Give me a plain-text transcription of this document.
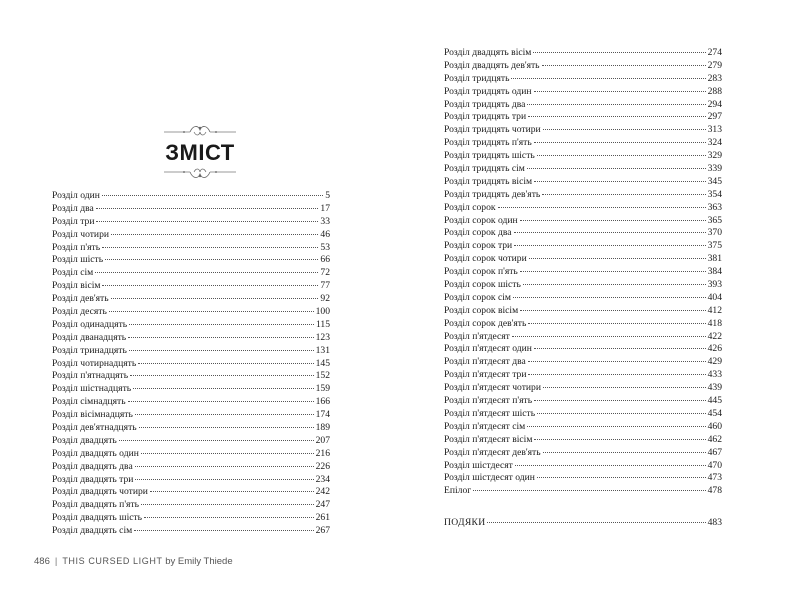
ЗМІСТ
Розділ один	5
Розділ два	17
Розділ три	33
Розділ чотири	46
Розділ п'ять	53
Розділ шість	66
Розділ сім	72
Розділ вісім	77
Розділ дев'ять	92
Розділ десять	100
Розділ одинадцять	115
Розділ дванадцять	123
Розділ тринадцять	131
Розділ чотирнадцять	145
Розділ п'ятнадцять	152
Розділ шістнадцять	159
Розділ сімнадцять	166
Розділ вісімнадцять	174
Розділ дев'ятнадцять	189
Розділ двадцять	207
Розділ двадцять один	216
Розділ двадцять два	226
Розділ двадцять три	234
Розділ двадцять чотири	242
Розділ двадцять п'ять	247
Розділ двадцять шість	261
Розділ двадцять сім	267
486 | THIS CURSED LIGHT by Emily Thiede
Розділ двадцять вісім	274
Розділ двадцять дев'ять	279
Розділ тридцять	283
Розділ тридцять один	288
Розділ тридцять два	294
Розділ тридцять три	297
Розділ тридцять чотири	313
Розділ тридцять п'ять	324
Розділ тридцять шість	329
Розділ тридцять сім	339
Розділ тридцять вісім	345
Розділ тридцять дев'ять	354
Розділ сорок	363
Розділ сорок один	365
Розділ сорок два	370
Розділ сорок три	375
Розділ сорок чотири	381
Розділ сорок п'ять	384
Розділ сорок шість	393
Розділ сорок сім	404
Розділ сорок вісім	412
Розділ сорок дев'ять	418
Розділ п'ятдесят	422
Розділ п'ятдесят один	426
Розділ п'ятдесят два	429
Розділ п'ятдесят три	433
Розділ п'ятдесят чотири	439
Розділ п'ятдесят п'ять	445
Розділ п'ятдесят шість	454
Розділ п'ятдесят сім	460
Розділ п'ятдесят вісім	462
Розділ п'ятдесят дев'ять	467
Розділ шістдесят	470
Розділ шістдесят один	473
Епілог	478
ПОДЯКИ	483
